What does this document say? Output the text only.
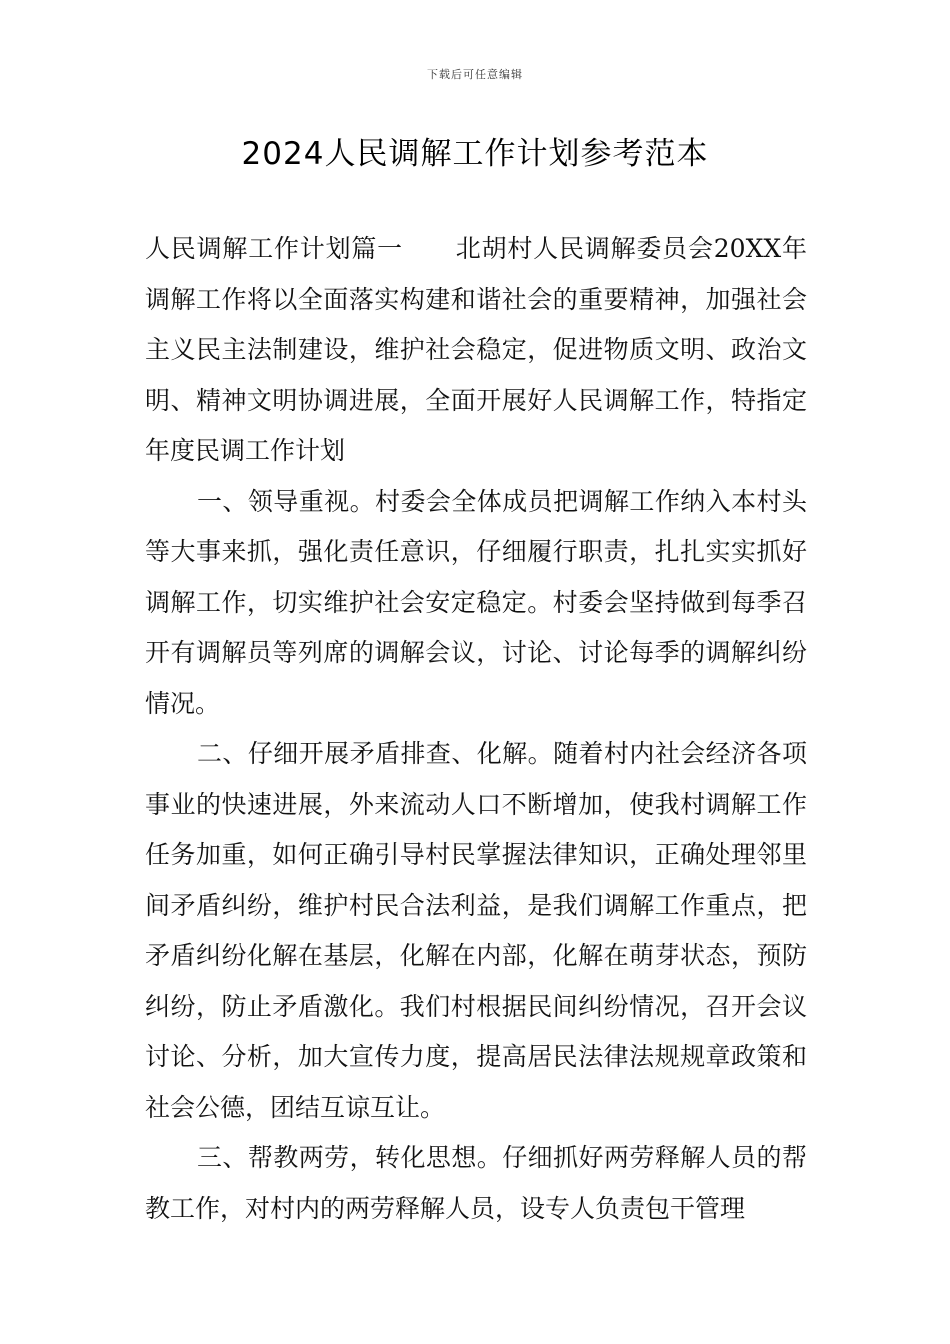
下载后可任意编辑
2024人民调解工作计划参考范本

人民调解工作计划篇一 北胡村人民调解委员会20XX年调解工作将以全面落实构建和谐社会的重要精神，加强社会主义民主法制建设，维护社会稳定，促进物质文明、政治文明、精神文明协调进展，全面开展好人民调解工作，特指定年度民调工作计划

一、领导重视。村委会全体成员把调解工作纳入本村头等大事来抓，强化责任意识，仔细履行职责，扎扎实实抓好调解工作，切实维护社会安定稳定。村委会坚持做到每季召开有调解员等列席的调解会议，讨论、讨论每季的调解纠纷情况。

二、仔细开展矛盾排查、化解。随着村内社会经济各项事业的快速进展，外来流动人口不断增加，使我村调解工作任务加重，如何正确引导村民掌握法律知识，正确处理邻里间矛盾纠纷，维护村民合法利益，是我们调解工作重点，把矛盾纠纷化解在基层，化解在内部，化解在萌芽状态，预防纠纷，防止矛盾激化。我们村根据民间纠纷情况，召开会议讨论、分析，加大宣传力度，提高居民法律法规规章政策和社会公德，团结互谅互让。

三、帮教两劳，转化思想。仔细抓好两劳释解人员的帮教工作，对村内的两劳释解人员，设专人负责包干管理
